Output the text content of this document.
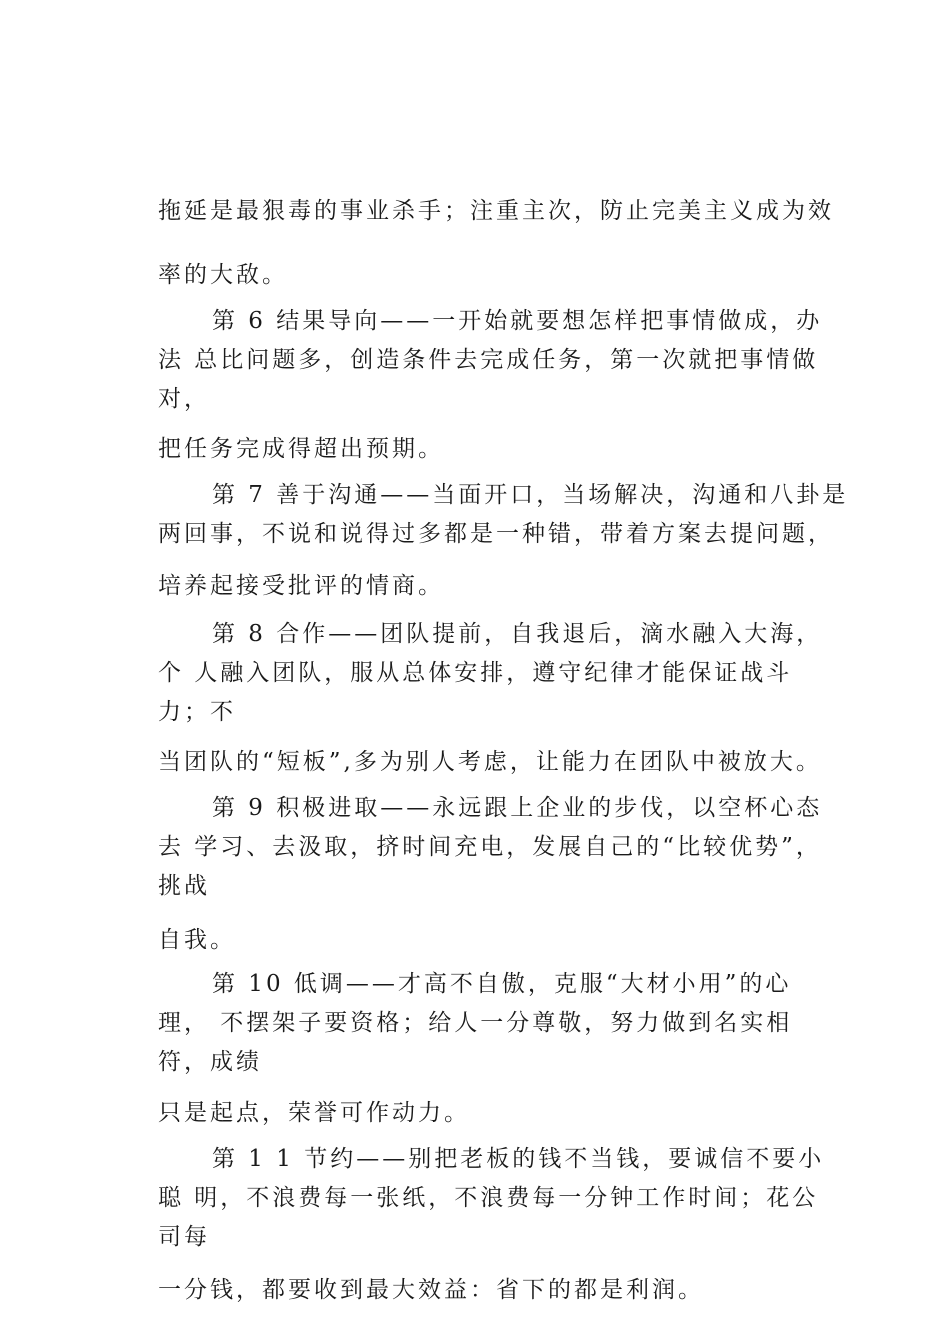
拖延是最狠毒的事业杀手；注重主次，防止完美主义成为效

率的大敌。

第 6 结果导向——一开始就要想怎样把事情做成，办

法 总比问题多，创造条件去完成任务，第一次就把事情做

对，

把任务完成得超出预期。

第 7 善于沟通——当面开口，当场解决，沟通和八卦是

两回事，不说和说得过多都是一种错，带着方案去提问题，

培养起接受批评的情商。

第 8 合作——团队提前，自我退后，滴水融入大海，

个 人融入团队，服从总体安排，遵守纪律才能保证战斗

力；不

当团队的“短板”,多为别人考虑，让能力在团队中被放大。

第 9 积极进取——永远跟上企业的步伐，以空杯心态

去 学习、去汲取，挤时间充电，发展自己的“比较优势”，

挑战

自我。

第 10 低调——才高不自傲，克服“大材小用”的心

理， 不摆架子要资格；给人一分尊敬，努力做到名实相

符，成绩

只是起点，荣誉可作动力。

第 1 1 节约——别把老板的钱不当钱，要诚信不要小

聪 明，不浪费每一张纸，不浪费每一分钟工作时间；花公

司每

一分钱，都要收到最大效益：省下的都是利润。
